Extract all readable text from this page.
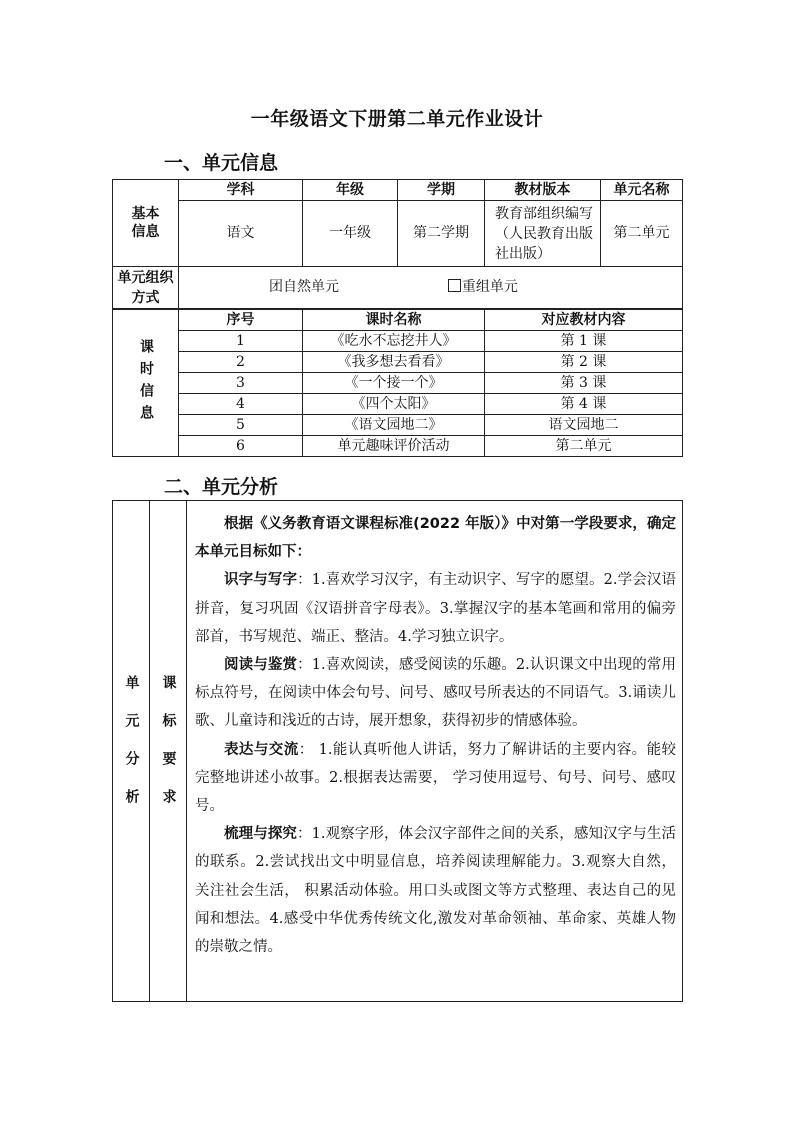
一年级语文下册第二单元作业设计
一、单元信息
基本
信息	学科	年级	学期	教材版本	单元名称
	语文	一年级	第二学期	教育部组织编写（人民教育出版社出版）	第二单元
单元组织方式	团自然单元 重组单元				
课时信息	序号	课时名称	对应教材内容
	1	《吃水不忘挖井人》	第 1 课
	2	《我多想去看看》	第 2 课
	3	《一个接一个》	第 3 课
	4	《四个太阳》	第 4 课
	5	《语文园地二》	语文园地二
	6	单元趣味评价活动	第二单元
二、单元分析
单元分析	课标要求

根据《义务教育语文课程标准(2022 年版）》中对第一学段要求，确定本单元目标如下：

识字与写字：1.喜欢学习汉字，有主动识字、写字的愿望。2.学会汉语拼音，复习巩固《汉语拼音字母表》。3.掌握汉字的基本笔画和常用的偏旁部首，书写规范、端正、整洁。4.学习独立识字。

阅读与鉴赏：1.喜欢阅读，感受阅读的乐趣。2.认识课文中出现的常用标点符号，在阅读中体会句号、问号、感叹号所表达的不同语气。3.诵读儿歌、儿童诗和浅近的古诗，展开想象，获得初步的情感体验。

表达与交流： 1.能认真听他人讲话，努力了解讲话的主要内容。能较完整地讲述小故事。2.根据表达需要， 学习使用逗号、句号、问号、感叹号。

梳理与探究：1.观察字形，体会汉字部件之间的关系，感知汉字与生活的联系。2.尝试找出文中明显信息，培养阅读理解能力。3.观察大自然， 关注社会生活， 积累活动体验。用口头或图文等方式整理、表达自己的见闻和想法。4.感受中华优秀传统文化,激发对革命领袖、革命家、英雄人物的崇敬之情。
